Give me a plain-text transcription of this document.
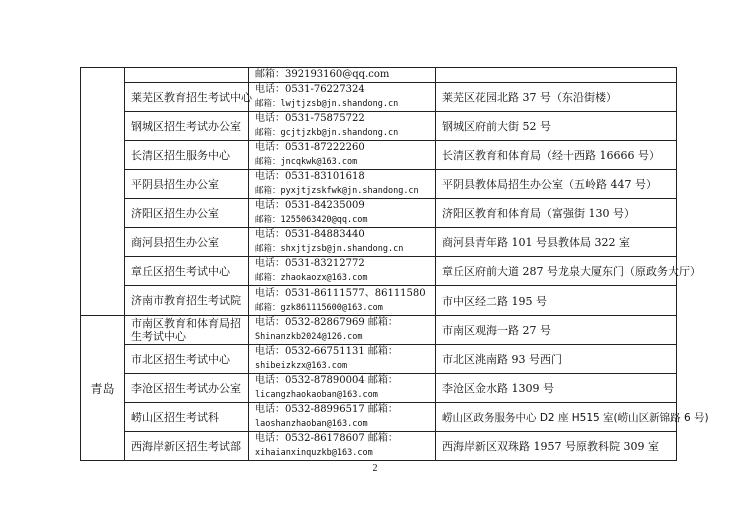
		邮箱：392193160@qq.com	

	莱芜区教育招生考试中心	电话：0531-76227324
邮箱：lwjtjzsb@jn.shandong.cn	莱芜区花园北路 37 号（东沿街楼）
	钢城区招生考试办公室	电话：0531-75875722
邮箱：gcjtjzkb@jn.shandong.cn	钢城区府前大街 52 号
	长清区招生服务中心	电话：0531-87222260
邮箱：jncqkwk@163.com	长清区教育和体育局（经十西路 16666 号）
	平阴县招生办公室	电话：0531-83101618
邮箱：pyxjtjzskfwk@jn.shandong.cn	平阴县教体局招生办公室（五岭路 447 号）
	济阳区招生办公室	电话：0531-84235009
邮箱：1255063420@qq.com	济阳区教育和体育局（富强街 130 号）
	商河县招生办公室	电话：0531-84883440
邮箱：shxjtjzsb@jn.shandong.cn	商河县青年路 101 号县教体局 322 室
	章丘区招生考试中心	电话：0531-83212772
邮箱：zhaokaozx@163.com	章丘区府前大道 287 号龙泉大厦东门（原政务大厅）
	济南市教育招生考试院	电话：0531-86111577、86111580
邮箱：gzk861115600@163.com	市中区经二路 195 号
青岛	市南区教育和体育局招生考试中心	电话：0532-82867969 邮箱：
Shinanzkb2024@126.com	市南区观海一路 27 号
	市北区招生考试中心	电话：0532-66751131 邮箱：
shibeizkzx@163.com	市北区洮南路 93 号西门
	李沧区招生考试办公室	电话：0532-87890004 邮箱：
licangzhaokaoban@163.com	李沧区金水路 1309 号
	崂山区招生考试科	电话：0532-88996517 邮箱：
laoshanzhaoban@163.com	崂山区政务服务中心 D2 座 H515 室(崂山区新锦路 6 号)
	西海岸新区招生考试部	电话：0532-86178607 邮箱：
xihaianxinquzkb@163.com	西海岸新区双珠路 1957 号原教科院 309 室
2
